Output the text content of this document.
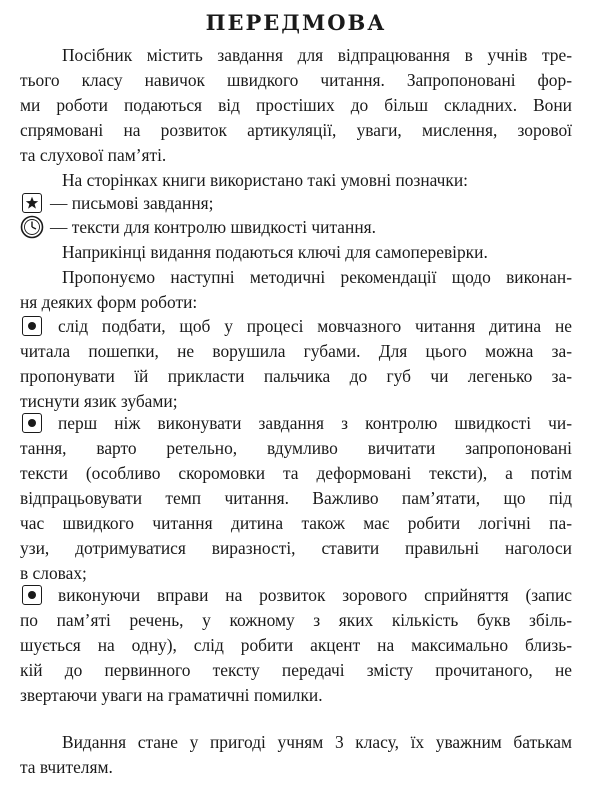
ПЕРЕДМОВА
Посібник містить завдання для відпрацювання в учнів тре-
тього класу навичок швидкого читання. Запропоновані фор-
ми роботи подаються від простіших до більш складних. Вони
спрямовані на розвиток артикуляції, уваги, мислення, зорової
та слухової пам’яті.
На сторінках книги використано такі умовні позначки:
— письмові завдання;
— тексти для контролю швидкості читання.
Наприкінці видання подаються ключі для самоперевірки.
Пропонуємо наступні методичні рекомендації щодо виконан-
ня деяких форм роботи:
слід подбати, щоб у процесі мовчазного читання дитина не
читала пошепки, не ворушила губами. Для цього можна за-
пропонувати їй прикласти пальчика до губ чи легенько за-
тиснути язик зубами;
перш ніж виконувати завдання з контролю швидкості чи-
тання, варто ретельно, вдумливо вичитати запропоновані
тексти (особливо скоромовки та деформовані тексти), а потім
відпрацьовувати темп читання. Важливо пам’ятати, що під
час швидкого читання дитина також має робити логічні па-
узи, дотримуватися виразності, ставити правильні наголоси
в словах;
виконуючи вправи на розвиток зорового сприйняття (запис
по пам’яті речень, у кожному з яких кількість букв збіль-
шується на одну), слід робити акцент на максимально близь-
кій до первинного тексту передачі змісту прочитаного, не
звертаючи уваги на граматичні помилки.
Видання стане у пригоді учням 3 класу, їх уважним батькам
та вчителям.
